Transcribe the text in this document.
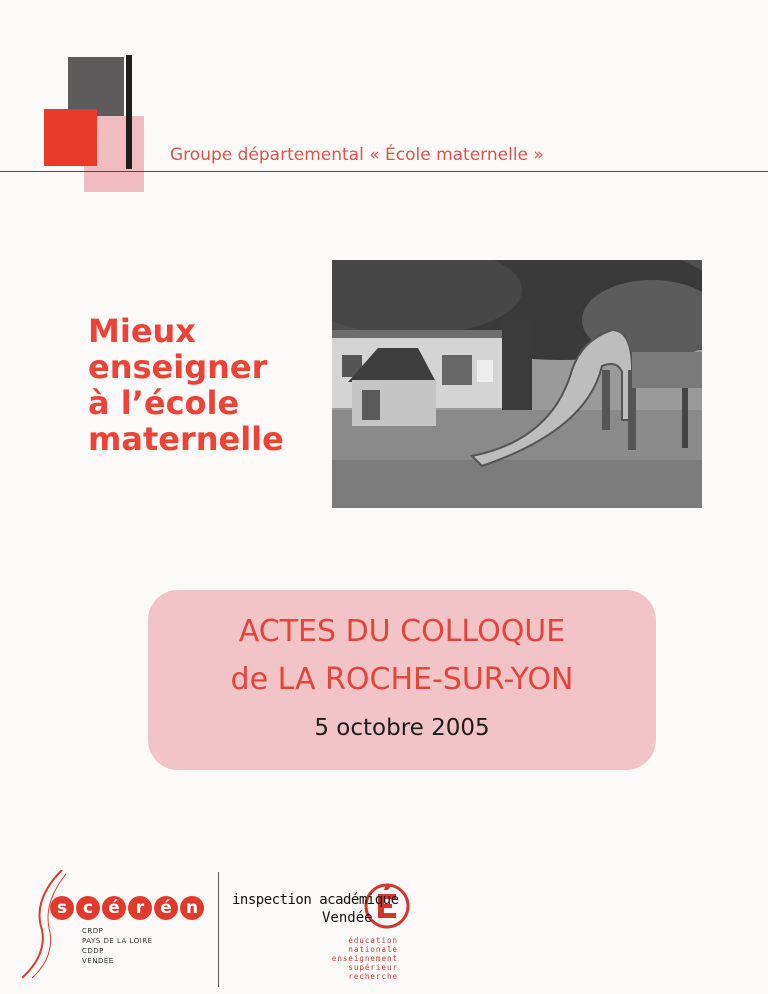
Groupe départemental « École maternelle »
Mieux
enseigner
à l’école
maternelle
ACTES DU COLLOQUE
de LA ROCHE-SUR-YON
5 octobre 2005
s c é r é n
CRDP
PAYS DE LA LOIRE
CDDP
VENDÉE
inspection académique
Vendée
éducation
nationale
enseignement
supérieur
recherche
